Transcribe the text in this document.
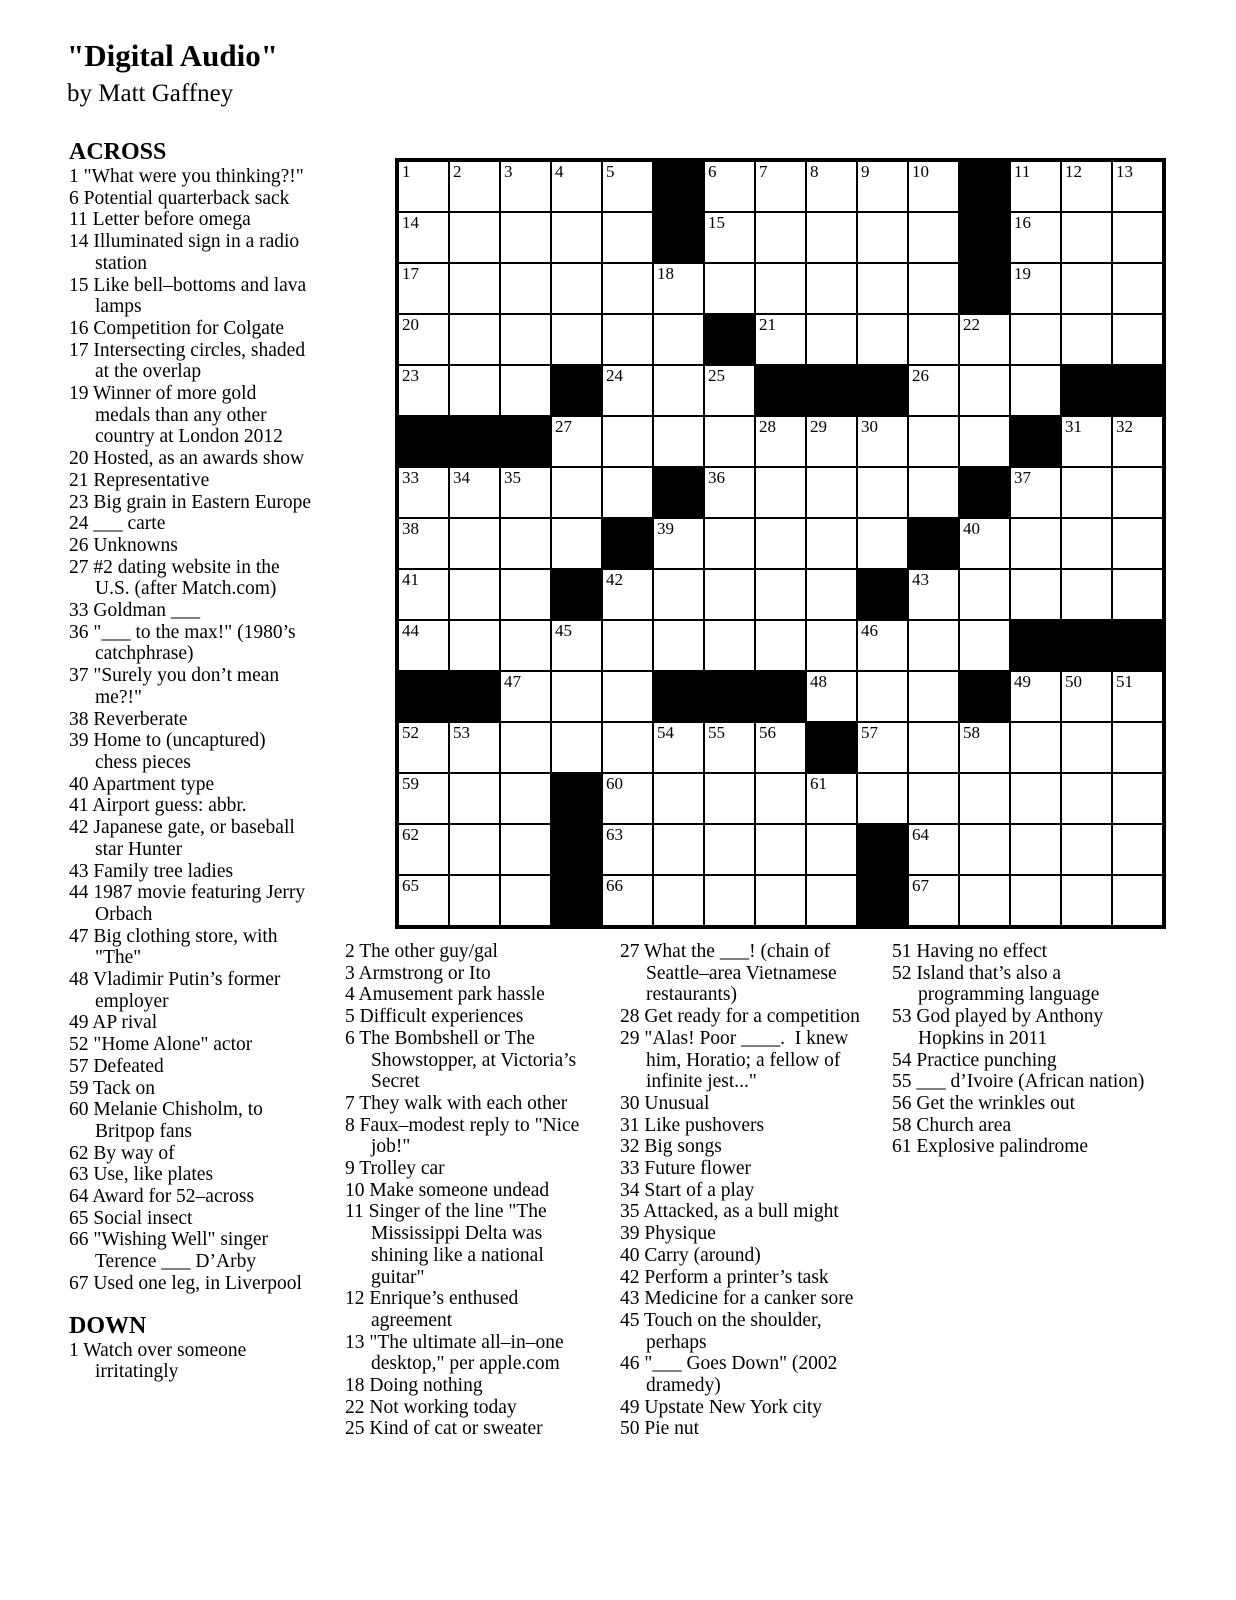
"Digital Audio"
by Matt Gaffney
ACROSS
1 "What were you thinking?!"
6 Potential quarterback sack
11 Letter before omega
14 Illuminated sign in a radio station
15 Like bell–bottoms and lava lamps
16 Competition for Colgate
17 Intersecting circles, shaded at the overlap
19 Winner of more gold medals than any other country at London 2012
20 Hosted, as an awards show
21 Representative
23 Big grain in Eastern Europe
24 ___ carte
26 Unknowns
27 #2 dating website in the U.S. (after Match.com)
33 Goldman ___
36 "___ to the max!" (1980’s catchphrase)
37 "Surely you don’t mean me?!"
38 Reverberate
39 Home to (uncaptured) chess pieces
40 Apartment type
41 Airport guess: abbr.
42 Japanese gate, or baseball star Hunter
43 Family tree ladies
44 1987 movie featuring Jerry Orbach
47 Big clothing store, with "The"
48 Vladimir Putin’s former employer
49 AP rival
52 "Home Alone" actor
57 Defeated
59 Tack on
60 Melanie Chisholm, to Britpop fans
62 By way of
63 Use, like plates
64 Award for 52–across
65 Social insect
66 "Wishing Well" singer Terence ___ D’Arby
67 Used one leg, in Liverpool
DOWN
1 Watch over someone irritatingly
2 The other guy/gal
3 Armstrong or Ito
4 Amusement park hassle
5 Difficult experiences
6 The Bombshell or The Showstopper, at Victoria’s Secret
7 They walk with each other
8 Faux–modest reply to "Nice job!"
9 Trolley car
10 Make someone undead
11 Singer of the line "The Mississippi Delta was shining like a national guitar"
12 Enrique’s enthused agreement
13 "The ultimate all–in–one desktop," per apple.com
18 Doing nothing
22 Not working today
25 Kind of cat or sweater
27 What the ___! (chain of Seattle–area Vietnamese restaurants)
28 Get ready for a competition
29 "Alas! Poor ____.  I knew him, Horatio; a fellow of infinite jest..."
30 Unusual
31 Like pushovers
32 Big songs
33 Future flower
34 Start of a play
35 Attacked, as a bull might
39 Physique
40 Carry (around)
42 Perform a printer’s task
43 Medicine for a canker sore
45 Touch on the shoulder, perhaps
46 "___ Goes Down" (2002 dramedy)
49 Upstate New York city
50 Pie nut
51 Having no effect
52 Island that’s also a programming language
53 God played by Anthony Hopkins in 2011
54 Practice punching
55 ___ d’Ivoire (African nation)
56 Get the wrinkles out
58 Church area
61 Explosive palindrome
1	2	3	4	5	6	7	8	9	10	11 12 13
14	15	16
17	18	19
20	21	22
23	24	25	26
27	28 29 30	31 32
33 34 35	36	37
38	39	40
41	42	43
44	45	46
47	48	49 50 51
52 53	54 55 56	57	58
59	60	61
62	63	64
65	66	67
